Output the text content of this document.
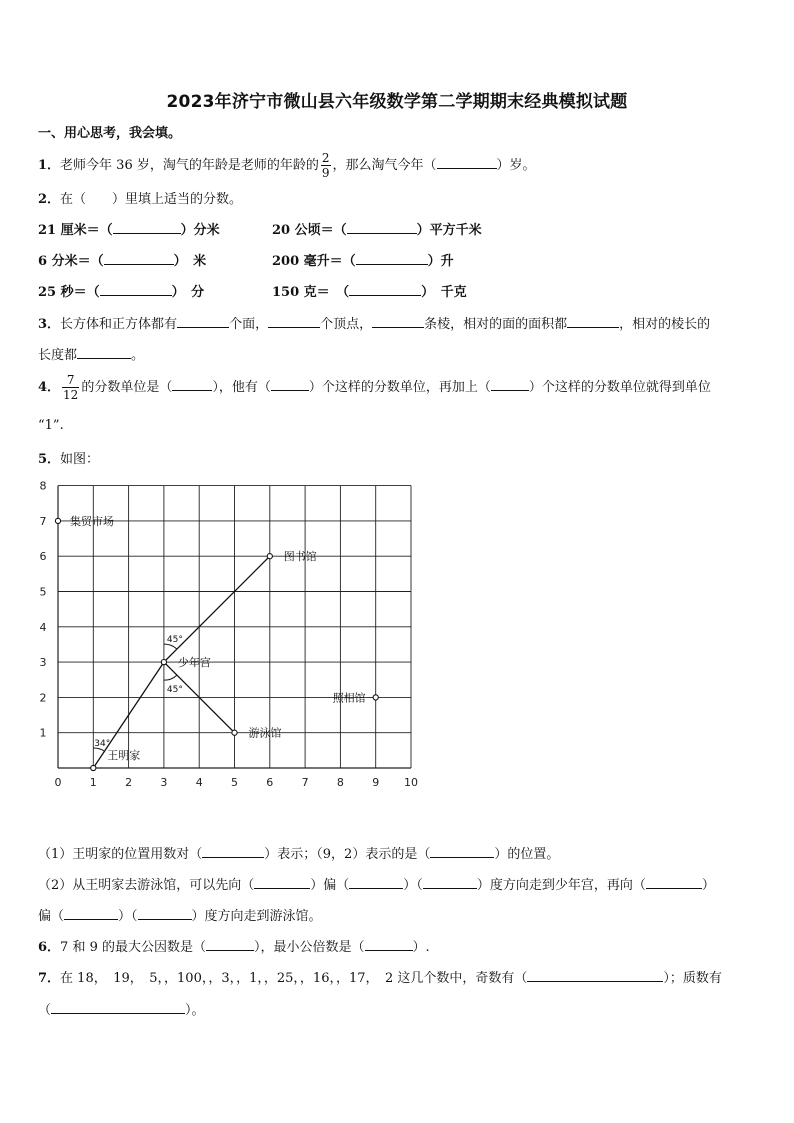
2023年济宁市微山县六年级数学第二学期期末经典模拟试题
一、用心思考，我会填。
1．老师今年 36 岁，淘气的年龄是老师的年龄的 $\frac{2}{9}$ ，那么淘气今年（	）岁。
2．在（　　）里填上适当的分数。
21 厘米＝（	）分米	20 公顷＝（	）平方千米
6 分米＝（	）　米	200 毫升＝（	）升
25 秒＝（	）　分	150 克＝　（	）　千克
3．长方体和正方体都有	个面，	个顶点，	条棱，相对的面的面积都	，相对的棱长的
长度都	。
4． $\frac{7}{12}$ 的分数单位是（	），他有（	）个这样的分数单位，再加上（	）个这样的分数单位就得到单位
“1”.
5．如图：
0	1	2	3	4	5	6	7	8	9 10
1
2
3
4
5
6
7
8
45°
45°
34°
集贸市场
图书馆
少年宫
照相馆
游泳馆
王明家
（1）王明家的位置用数对（	）表示；（9，2）表示的是（	）的位置。
（2）从王明家去游泳馆，可以先向（	）偏（	）（	）度方向走到少年宫，再向（	）
偏（	）（	）度方向走到游泳馆。
6．7 和 9 的最大公因数是（	），最小公倍数是（	）.
7．在 18，　19，　5，，100，，3，，1，，25，，16，，17，　2 这几个数中，奇数有（	）；质数有
（	）。
